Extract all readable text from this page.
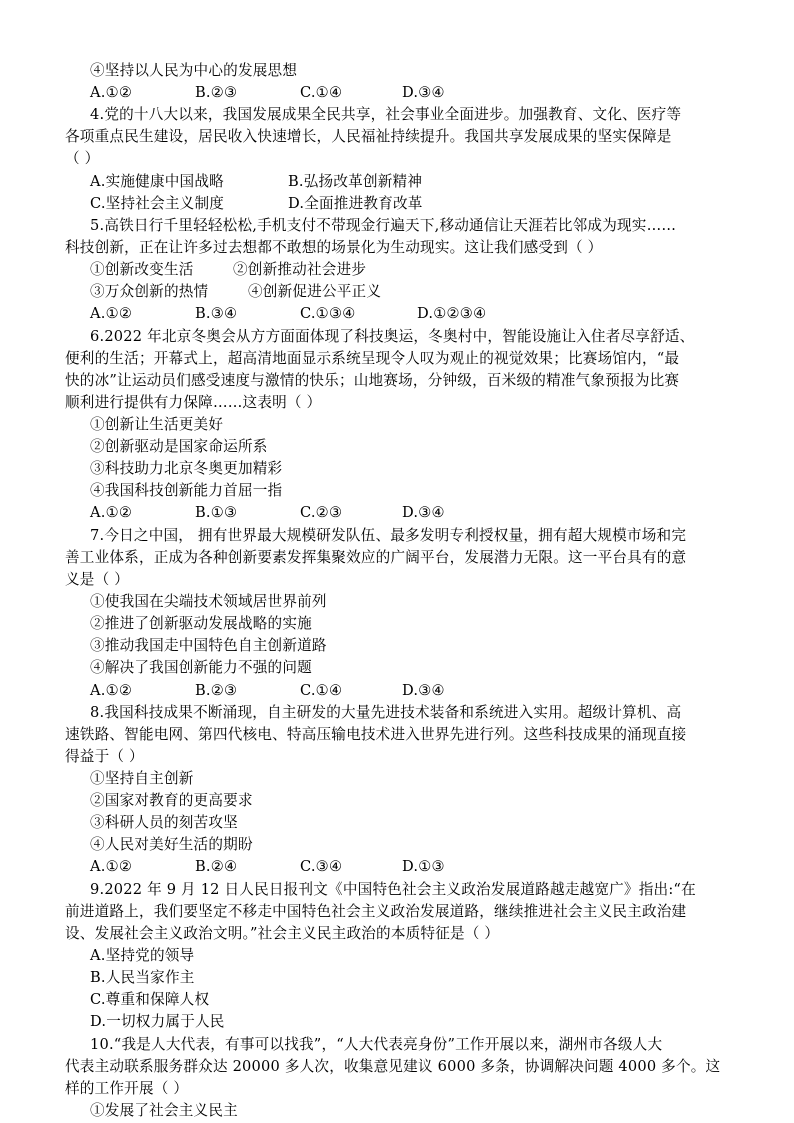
④坚持以人民为中心的发展思想
A.①②	B.②③	C.①④	D.③④
4.党的十八大以来，我国发展成果全民共享，社会事业全面进步。加强教育、文化、医疗等
各项重点民生建设，居民收入快速增长，人民福祉持续提升。我国共享发展成果的坚实保障是
（ ）
A.实施健康中国战略	B.弘扬改革创新精神
C.坚持社会主义制度	D.全面推进教育改革
5.高铁日行千里轻轻松松,手机支付不带现金行遍天下,移动通信让天涯若比邻成为现实……
科技创新，正在让许多过去想都不敢想的场景化为生动现实。这让我们感受到（ ）
①创新改变生活	②创新推动社会进步
③万众创新的热情	④创新促进公平正义
A.①②	B.③④	C.①③④	D.①②③④
6.2022 年北京冬奥会从方方面面体现了科技奥运，冬奥村中，智能设施让入住者尽享舒适、
便利的生活；开幕式上，超高清地面显示系统呈现令人叹为观止的视觉效果；比赛场馆内，“最
快的冰”让运动员们感受速度与激情的快乐；山地赛场，分钟级，百米级的精准气象预报为比赛
顺利进行提供有力保障……这表明（ ）
①创新让生活更美好
②创新驱动是国家命运所系
③科技助力北京冬奥更加精彩
④我国科技创新能力首屈一指
A.①②	B.①③	C.②③	D.③④
7.今日之中国， 拥有世界最大规模研发队伍、最多发明专利授权量，拥有超大规模市场和完
善工业体系，正成为各种创新要素发挥集聚效应的广阔平台，发展潜力无限。这一平台具有的意
义是（ ）
①使我国在尖端技术领域居世界前列
②推进了创新驱动发展战略的实施
③推动我国走中国特色自主创新道路
④解决了我国创新能力不强的问题
A.①②	B.②③	C.①④	D.③④
8.我国科技成果不断涌现，自主研发的大量先进技术装备和系统进入实用。超级计算机、高
速铁路、智能电网、第四代核电、特高压输电技术进入世界先进行列。这些科技成果的涌现直接
得益于（ ）
①坚持自主创新
②国家对教育的更高要求
③科研人员的刻苦攻坚
④人民对美好生活的期盼
A.①②	B.②④	C.③④	D.①③
9.2022 年 9 月 12 日人民日报刊文《中国特色社会主义政治发展道路越走越宽广》指出:“在
前进道路上，我们要坚定不移走中国特色社会主义政治发展道路，继续推进社会主义民主政治建
设、发展社会主义政治文明。”社会主义民主政治的本质特征是（ ）
A.坚持党的领导
B.人民当家作主
C.尊重和保障人权
D.一切权力属于人民
10.“我是人大代表，有事可以找我”，“人大代表亮身份”工作开展以来，湖州市各级人大
代表主动联系服务群众达 20000 多人次，收集意见建议 6000 多条，协调解决问题 4000 多个。这
样的工作开展（ ）
①发展了社会主义民主
